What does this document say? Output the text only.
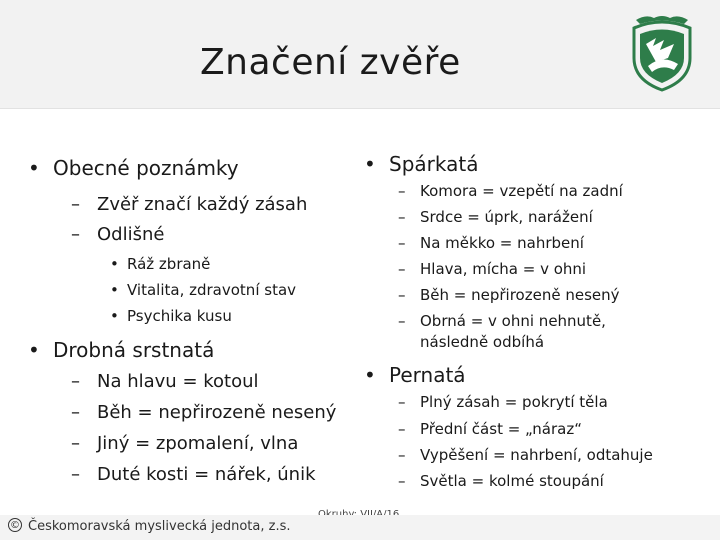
Značení zvěře
• Obecné poznámky
– Zvěř značí každý zásah
– Odlišné
• Ráž zbraně
• Vitalita, zdravotní stav
• Psychika kusu
• Drobná srstnatá
– Na hlavu = kotoul
– Běh = nepřirozeně nesený
– Jiný = zpomalení, vlna
– Duté kosti = nářek, únik
• Spárkatá
– Komora = vzepětí na zadní
– Srdce = úprk, narážení
– Na měkko = nahrbení
– Hlava, mícha = v ohni
– Běh = nepřirozeně nesený
– Obrná = v ohni nehnutě,
následně odbíhá
• Pernatá
– Plný zásah = pokrytí těla
– Přední část = „náraz“
– Vypěšení = nahrbení, odtahuje
– Světla = kolmé stoupání
© Českomoravská myslivecká jednota, z.s.
